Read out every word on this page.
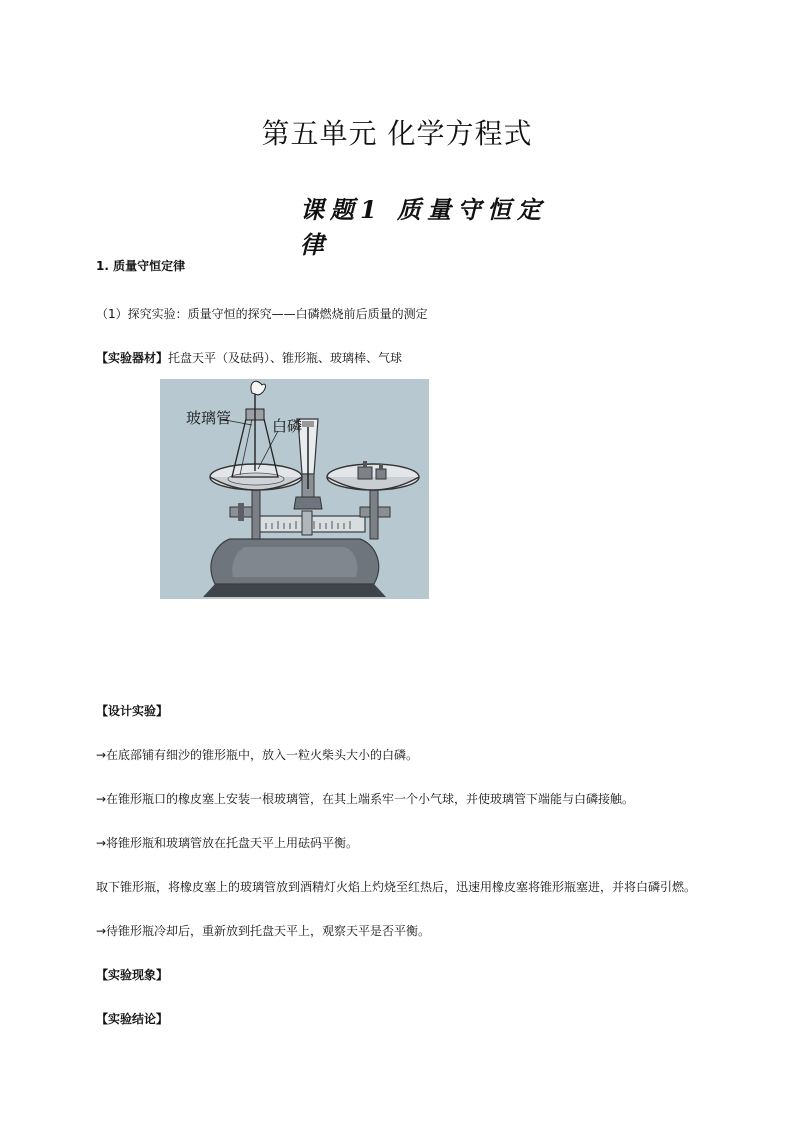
第五单元 化学方程式
课题1 质量守恒定律
1. 质量守恒定律
（1）探究实验：质量守恒的探究——白磷燃烧前后质量的测定
【实验器材】托盘天平（及砝码）、锥形瓶、玻璃棒、气球
玻璃管	白磷
【设计实验】
→在底部铺有细沙的锥形瓶中，放入一粒火柴头大小的白磷。
→在锥形瓶口的橡皮塞上安装一根玻璃管，在其上端系牢一个小气球，并使玻璃管下端能与白磷接触。
→将锥形瓶和玻璃管放在托盘天平上用砝码平衡。
取下锥形瓶，将橡皮塞上的玻璃管放到酒精灯火焰上灼烧至红热后，迅速用橡皮塞将锥形瓶塞进，并将白磷引燃。
→待锥形瓶冷却后，重新放到托盘天平上，观察天平是否平衡。
【实验现象】
【实验结论】
